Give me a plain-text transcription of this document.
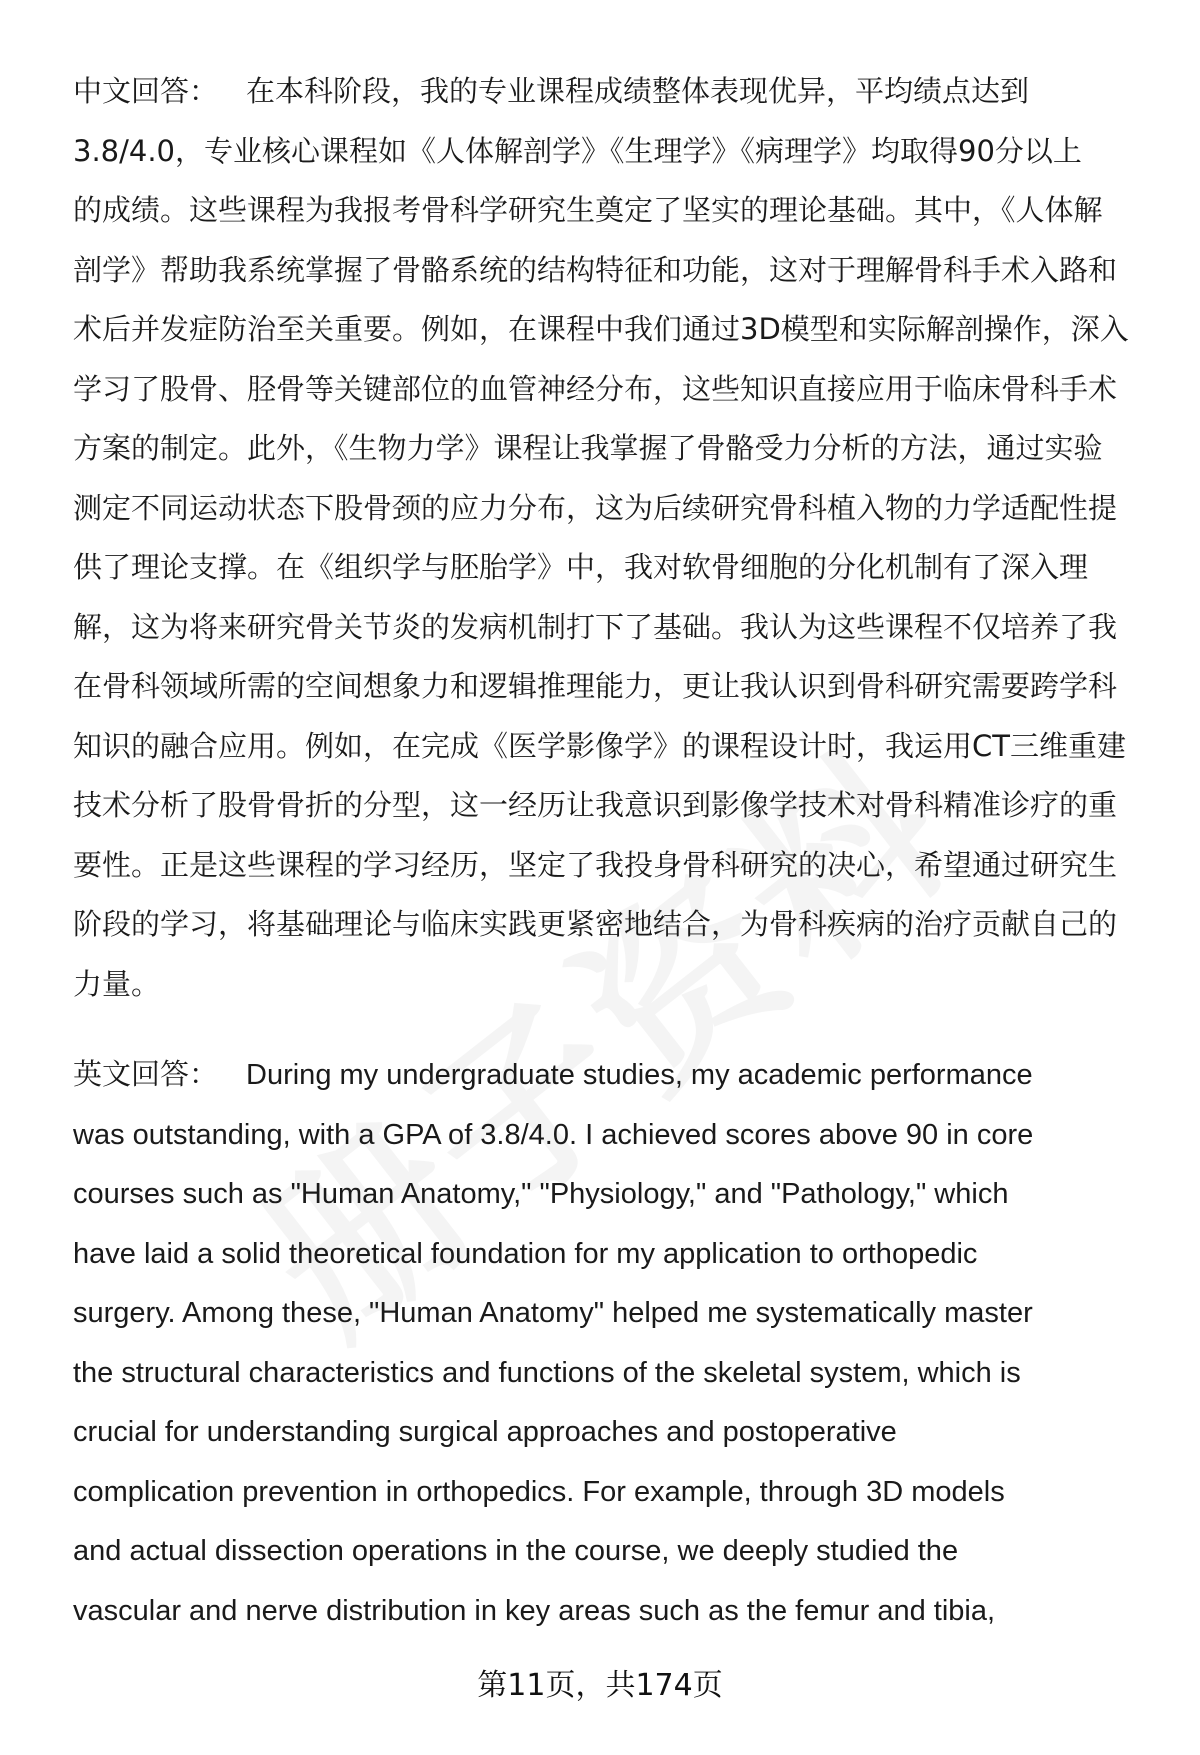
中文回答： 在本科阶段，我的专业课程成绩整体表现优异，平均绩点达到
3.8/4.0，专业核心课程如《人体解剖学》《生理学》《病理学》均取得90分以上
的成绩。这些课程为我报考骨科学研究生奠定了坚实的理论基础。其中，《人体解
剖学》帮助我系统掌握了骨骼系统的结构特征和功能，这对于理解骨科手术入路和
术后并发症防治至关重要。例如，在课程中我们通过3D模型和实际解剖操作，深入
学习了股骨、胫骨等关键部位的血管神经分布，这些知识直接应用于临床骨科手术
方案的制定。此外，《生物力学》课程让我掌握了骨骼受力分析的方法，通过实验
测定不同运动状态下股骨颈的应力分布，这为后续研究骨科植入物的力学适配性提
供了理论支撑。在《组织学与胚胎学》中，我对软骨细胞的分化机制有了深入理
解，这为将来研究骨关节炎的发病机制打下了基础。我认为这些课程不仅培养了我
在骨科领域所需的空间想象力和逻辑推理能力，更让我认识到骨科研究需要跨学科
知识的融合应用。例如，在完成《医学影像学》的课程设计时，我运用CT三维重建
技术分析了股骨骨折的分型，这一经历让我意识到影像学技术对骨科精准诊疗的重
要性。正是这些课程的学习经历，坚定了我投身骨科研究的决心，希望通过研究生
阶段的学习，将基础理论与临床实践更紧密地结合，为骨科疾病的治疗贡献自己的
力量。
英文回答： During my undergraduate studies, my academic performance
was outstanding, with a GPA of 3.8/4.0. I achieved scores above 90 in core
courses such as "Human Anatomy," "Physiology," and "Pathology," which
have laid a solid theoretical foundation for my application to orthopedic
surgery. Among these, "Human Anatomy" helped me systematically master
the structural characteristics and functions of the skeletal system, which is
crucial for understanding surgical approaches and postoperative
complication prevention in orthopedics. For example, through 3D models
and actual dissection operations in the course, we deeply studied the
vascular and nerve distribution in key areas such as the femur and tibia,
第11页，共174页
